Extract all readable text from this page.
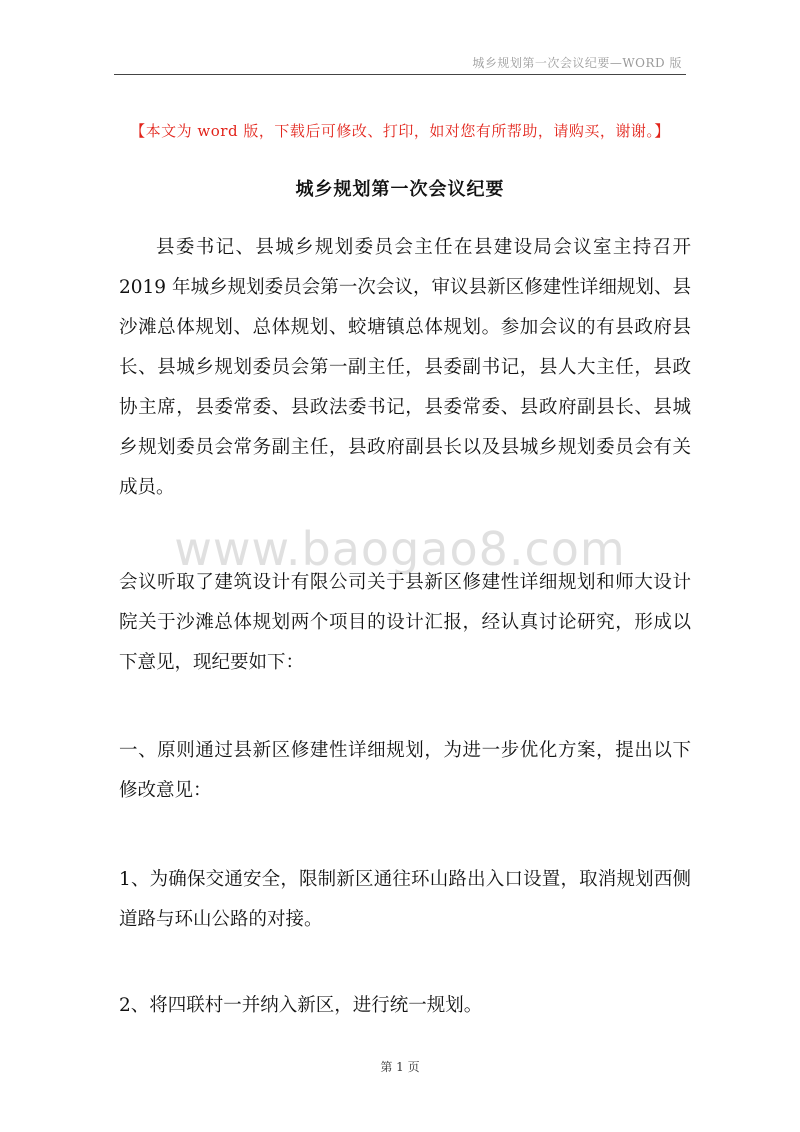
城乡规划第一次会议纪要—WORD 版
【本文为 word 版，下载后可修改、打印，如对您有所帮助，请购买，谢谢。】
城乡规划第一次会议纪要

县委书记、县城乡规划委员会主任在县建设局会议室主持召开 2019 年城乡规划委员会第一次会议，审议县新区修建性详细规划、县沙滩总体规划、总体规划、蛟塘镇总体规划。参加会议的有县政府县长、县城乡规划委员会第一副主任，县委副书记，县人大主任，县政协主席，县委常委、县政法委书记，县委常委、县政府副县长、县城乡规划委员会常务副主任，县政府副县长以及县城乡规划委员会有关成员。

www.baogao8.com

会议听取了建筑设计有限公司关于县新区修建性详细规划和师大设计院关于沙滩总体规划两个项目的设计汇报，经认真讨论研究，形成以下意见，现纪要如下：

一、原则通过县新区修建性详细规划，为进一步优化方案，提出以下修改意见：

1、为确保交通安全，限制新区通往环山路出入口设置，取消规划西侧道路与环山公路的对接。

2、将四联村一并纳入新区，进行统一规划。

第 1 页
